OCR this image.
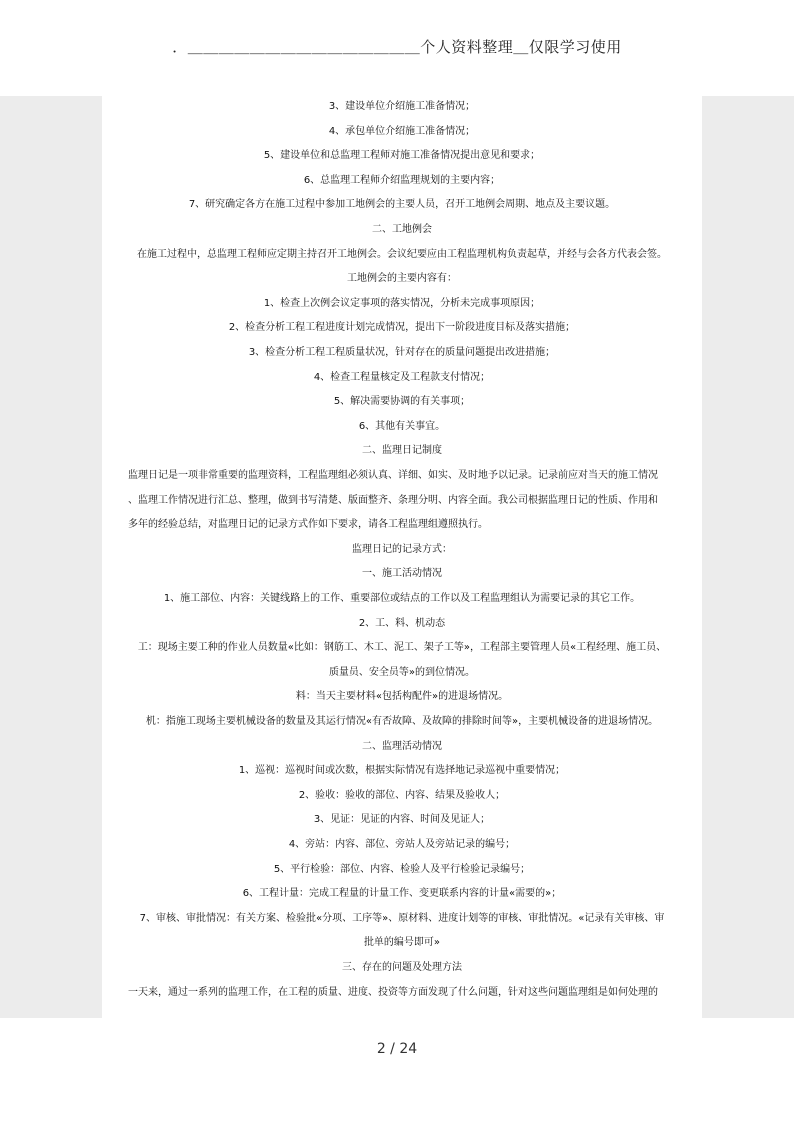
．＿＿＿＿＿＿＿＿＿＿＿＿＿＿＿个人资料整理＿仅限学习使用
3、建设单位介绍施工准备情况；
4、承包单位介绍施工准备情况；
5、建设单位和总监理工程师对施工准备情况提出意见和要求；
6、总监理工程师介绍监理规划的主要内容；
7、研究确定各方在施工过程中参加工地例会的主要人员，召开工地例会周期、地点及主要议题。
二、工地例会
在施工过程中，总监理工程师应定期主持召开工地例会。会议纪要应由工程监理机构负责起草，并经与会各方代表会签。
工地例会的主要内容有：
1、检查上次例会议定事项的落实情况，分析未完成事项原因；
2、检查分析工程工程进度计划完成情况，提出下一阶段进度目标及落实措施；
3、检查分析工程工程质量状况，针对存在的质量问题提出改进措施；
4、检查工程量核定及工程款支付情况；
5、解决需要协调的有关事项；
6、其他有关事宜。
二、监理日记制度
监理日记是一项非常重要的监理资料，工程监理组必须认真、详细、如实、及时地予以记录。记录前应对当天的施工情况
、监理工作情况进行汇总、整理，做到书写清楚、版面整齐、条理分明、内容全面。我公司根据监理日记的性质、作用和
多年的经验总结，对监理日记的记录方式作如下要求，请各工程监理组遵照执行。
监理日记的记录方式：
一、施工活动情况
1、施工部位、内容：关键线路上的工作、重要部位或结点的工作以及工程监理组认为需要记录的其它工作。
2、工、料、机动态
工：现场主要工种的作业人员数量«比如：钢筋工、木工、泥工、架子工等»，工程部主要管理人员«工程经理、施工员、
质量员、安全员等»的到位情况。
料：当天主要材料«包括构配件»的进退场情况。
机：指施工现场主要机械设备的数量及其运行情况«有否故障、及故障的排除时间等»，主要机械设备的进退场情况。
二、监理活动情况
1、巡视：巡视时间或次数，根据实际情况有选择地记录巡视中重要情况；
2、验收：验收的部位、内容、结果及验收人；
3、见证：见证的内容、时间及见证人；
4、旁站：内容、部位、旁站人及旁站记录的编号；
5、平行检验：部位、内容、检验人及平行检验记录编号；
6、工程计量：完成工程量的计量工作、变更联系内容的计量«需要的»；
7、审核、审批情况：有关方案、检验批«分项、工序等»、原材料、进度计划等的审核、审批情况。«记录有关审核、审
批单的编号即可»
三、存在的问题及处理方法
一天来，通过一系列的监理工作，在工程的质量、进度、投资等方面发现了什么问题，针对这些问题监理组是如何处理的
2 / 24
